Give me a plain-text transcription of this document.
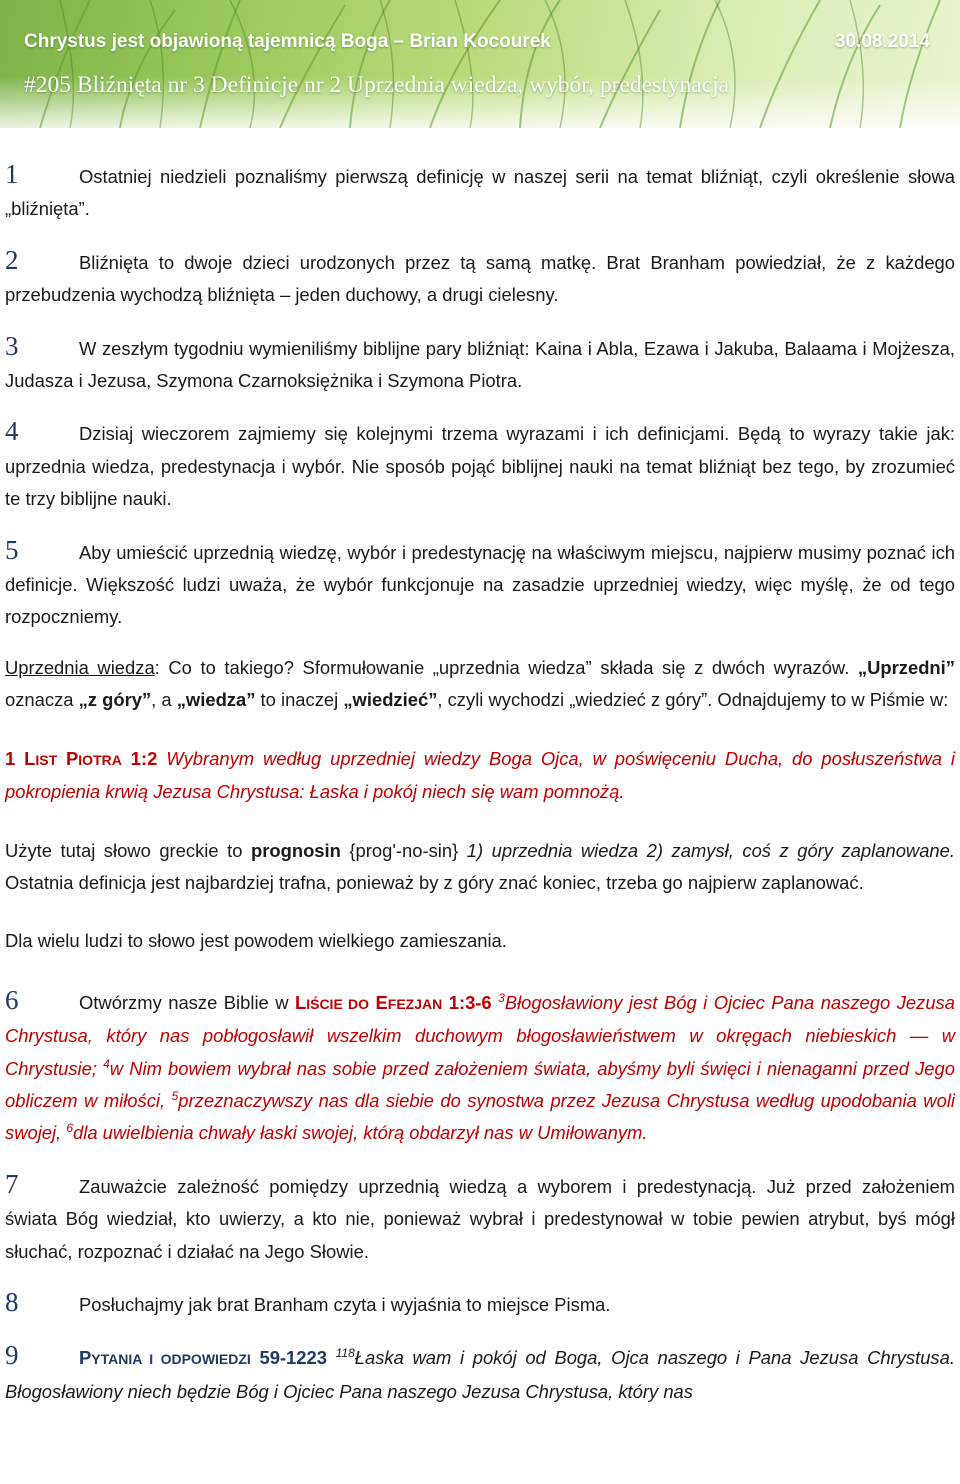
Chrystus jest objawioną tajemnicą Boga – Brian Kocourek	30.08.2014
#205 Bliźnięta nr 3 Definicje nr 2 Uprzednia wiedza, wybór, predestynacja

1	Ostatniej niedzieli poznaliśmy pierwszą definicję w naszej serii na temat bliźniąt, czyli określenie słowa „bliźnięta”.

2	Bliźnięta to dwoje dzieci urodzonych przez tą samą matkę. Brat Branham powiedział, że z każdego przebudzenia wychodzą bliźnięta – jeden duchowy, a drugi cielesny.

3	W zeszłym tygodniu wymieniliśmy biblijne pary bliźniąt: Kaina i Abla, Ezawa i Jakuba, Balaama i Mojżesza, Judasza i Jezusa, Szymona Czarnoksiężnika i Szymona Piotra.

4	Dzisiaj wieczorem zajmiemy się kolejnymi trzema wyrazami i ich definicjami. Będą to wyrazy takie jak: uprzednia wiedza, predestynacja i wybór. Nie sposób pojąć biblijnej nauki na temat bliźniąt bez tego, by zrozumieć te trzy biblijne nauki.

5	Aby umieścić uprzednią wiedzę, wybór i predestynację na właściwym miejscu, najpierw musimy poznać ich definicje. Większość ludzi uważa, że wybór funkcjonuje na zasadzie uprzedniej wiedzy, więc myślę, że od tego rozpoczniemy.

Uprzednia wiedza: Co to takiego? Sformułowanie „uprzednia wiedza” składa się z dwóch wyrazów. „Uprzedni” oznacza „z góry”, a „wiedza” to inaczej „wiedzieć”, czyli wychodzi „wiedzieć z góry”. Odnajdujemy to w Piśmie w:

1 LIST PIOTRA 1:2 Wybranym według uprzedniej wiedzy Boga Ojca, w poświęceniu Ducha, do posłuszeństwa i pokropienia krwią Jezusa Chrystusa: Łaska i pokój niech się wam pomnożą.

Użyte tutaj słowo greckie to prognosin {prog'-no-sin} 1) uprzednia wiedza 2) zamysł, coś z góry zaplanowane. Ostatnia definicja jest najbardziej trafna, ponieważ by z góry znać koniec, trzeba go najpierw zaplanować.

Dla wielu ludzi to słowo jest powodem wielkiego zamieszania.

6	Otwórzmy nasze Biblie w LIŚCIE DO EFEZJAN 1:3-6 $^3$Błogosławiony jest Bóg i Ojciec Pana naszego Jezusa Chrystusa, który nas pobłogosławił wszelkim duchowym błogosławieństwem w okręgach niebieskich — w Chrystusie; $^4$w Nim bowiem wybrał nas sobie przed założeniem świata, abyśmy byli święci i nienaganni przed Jego obliczem w miłości, $^5$przeznaczywszy nas dla siebie do synostwa przez Jezusa Chrystusa według upodobania woli swojej, $^6$dla uwielbienia chwały łaski swojej, którą obdarzył nas w Umiłowanym.

7	Zauważcie zależność pomiędzy uprzednią wiedzą a wyborem i predestynacją. Już przed założeniem świata Bóg wiedział, kto uwierzy, a kto nie, ponieważ wybrał i predestynował w tobie pewien atrybut, byś mógł słuchać, rozpoznać i działać na Jego Słowie.

8	Posłuchajmy jak brat Branham czyta i wyjaśnia to miejsce Pisma.

9	PYTANIA I ODPOWIEDZI 59-1223 $^{118}$Łaska wam i pokój od Boga, Ojca naszego i Pana Jezusa Chrystusa. Błogosławiony niech będzie Bóg i Ojciec Pana naszego Jezusa Chrystusa, który nas
